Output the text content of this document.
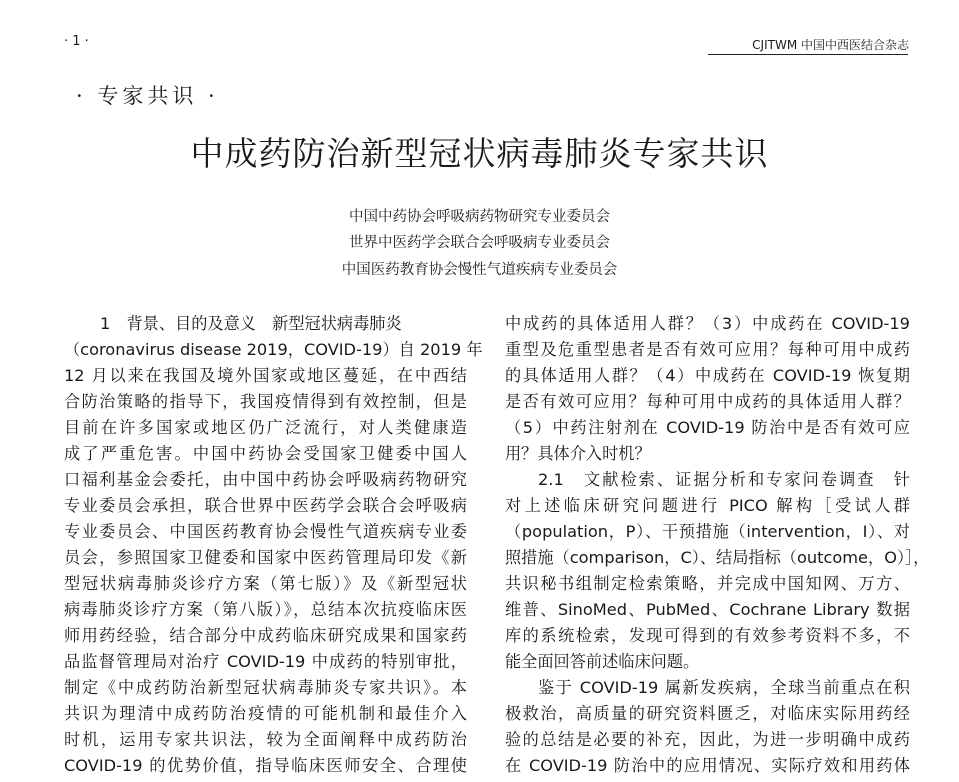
· 1 ·	CJITWM 中国中西医结合杂志
· 专家共识 ·
中成药防治新型冠状病毒肺炎专家共识
中国中药协会呼吸病药物研究专业委员会
世界中医药学会联合会呼吸病专业委员会
中国医药教育协会慢性气道疾病专业委员会
1　背景、目的及意义　新型冠状病毒肺炎
（coronavirus disease 2019，COVID-19）自 2019 年
12 月以来在我国及境外国家或地区蔓延，在中西结
合防治策略的指导下，我国疫情得到有效控制，但是
目前在许多国家或地区仍广泛流行，对人类健康造
成了严重危害。中国中药协会受国家卫健委中国人
口福利基金会委托，由中国中药协会呼吸病药物研究
专业委员会承担，联合世界中医药学会联合会呼吸病
专业委员会、中国医药教育协会慢性气道疾病专业委
员会，参照国家卫健委和国家中医药管理局印发《新
型冠状病毒肺炎诊疗方案（第七版）》及《新型冠状
病毒肺炎诊疗方案（第八版）》，总结本次抗疫临床医
师用药经验，结合部分中成药临床研究成果和国家药
品监督管理局对治疗 COVID-19 中成药的特别审批，
制定《中成药防治新型冠状病毒肺炎专家共识》。本
共识为理清中成药防治疫情的可能机制和最佳介入
时机，运用专家共识法，较为全面阐释中成药防治
COVID-19 的优势价值，指导临床医师安全、合理使
中成药的具体适用人群？（3）中成药在 COVID-19
重型及危重型患者是否有效可应用？每种可用中成药
的具体适用人群？（4）中成药在 COVID-19 恢复期
是否有效可应用？每种可用中成药的具体适用人群？
（5）中药注射剂在 COVID-19 防治中是否有效可应
用？具体介入时机？
2.1　文献检索、证据分析和专家问卷调查　针
对上述临床研究问题进行 PICO 解构［受试人群
（population，P）、干预措施（intervention，I）、对
照措施（comparison，C）、结局指标（outcome，O）］，
共识秘书组制定检索策略，并完成中国知网、万方、
维普、SinoMed、PubMed、Cochrane Library 数据
库的系统检索，发现可得到的有效参考资料不多，不
能全面回答前述临床问题。
鉴于 COVID-19 属新发疾病，全球当前重点在积
极救治，高质量的研究资料匮乏，对临床实际用药经
验的总结是必要的补充，因此，为进一步明确中成药
在 COVID-19 防治中的应用情况、实际疗效和用药体
